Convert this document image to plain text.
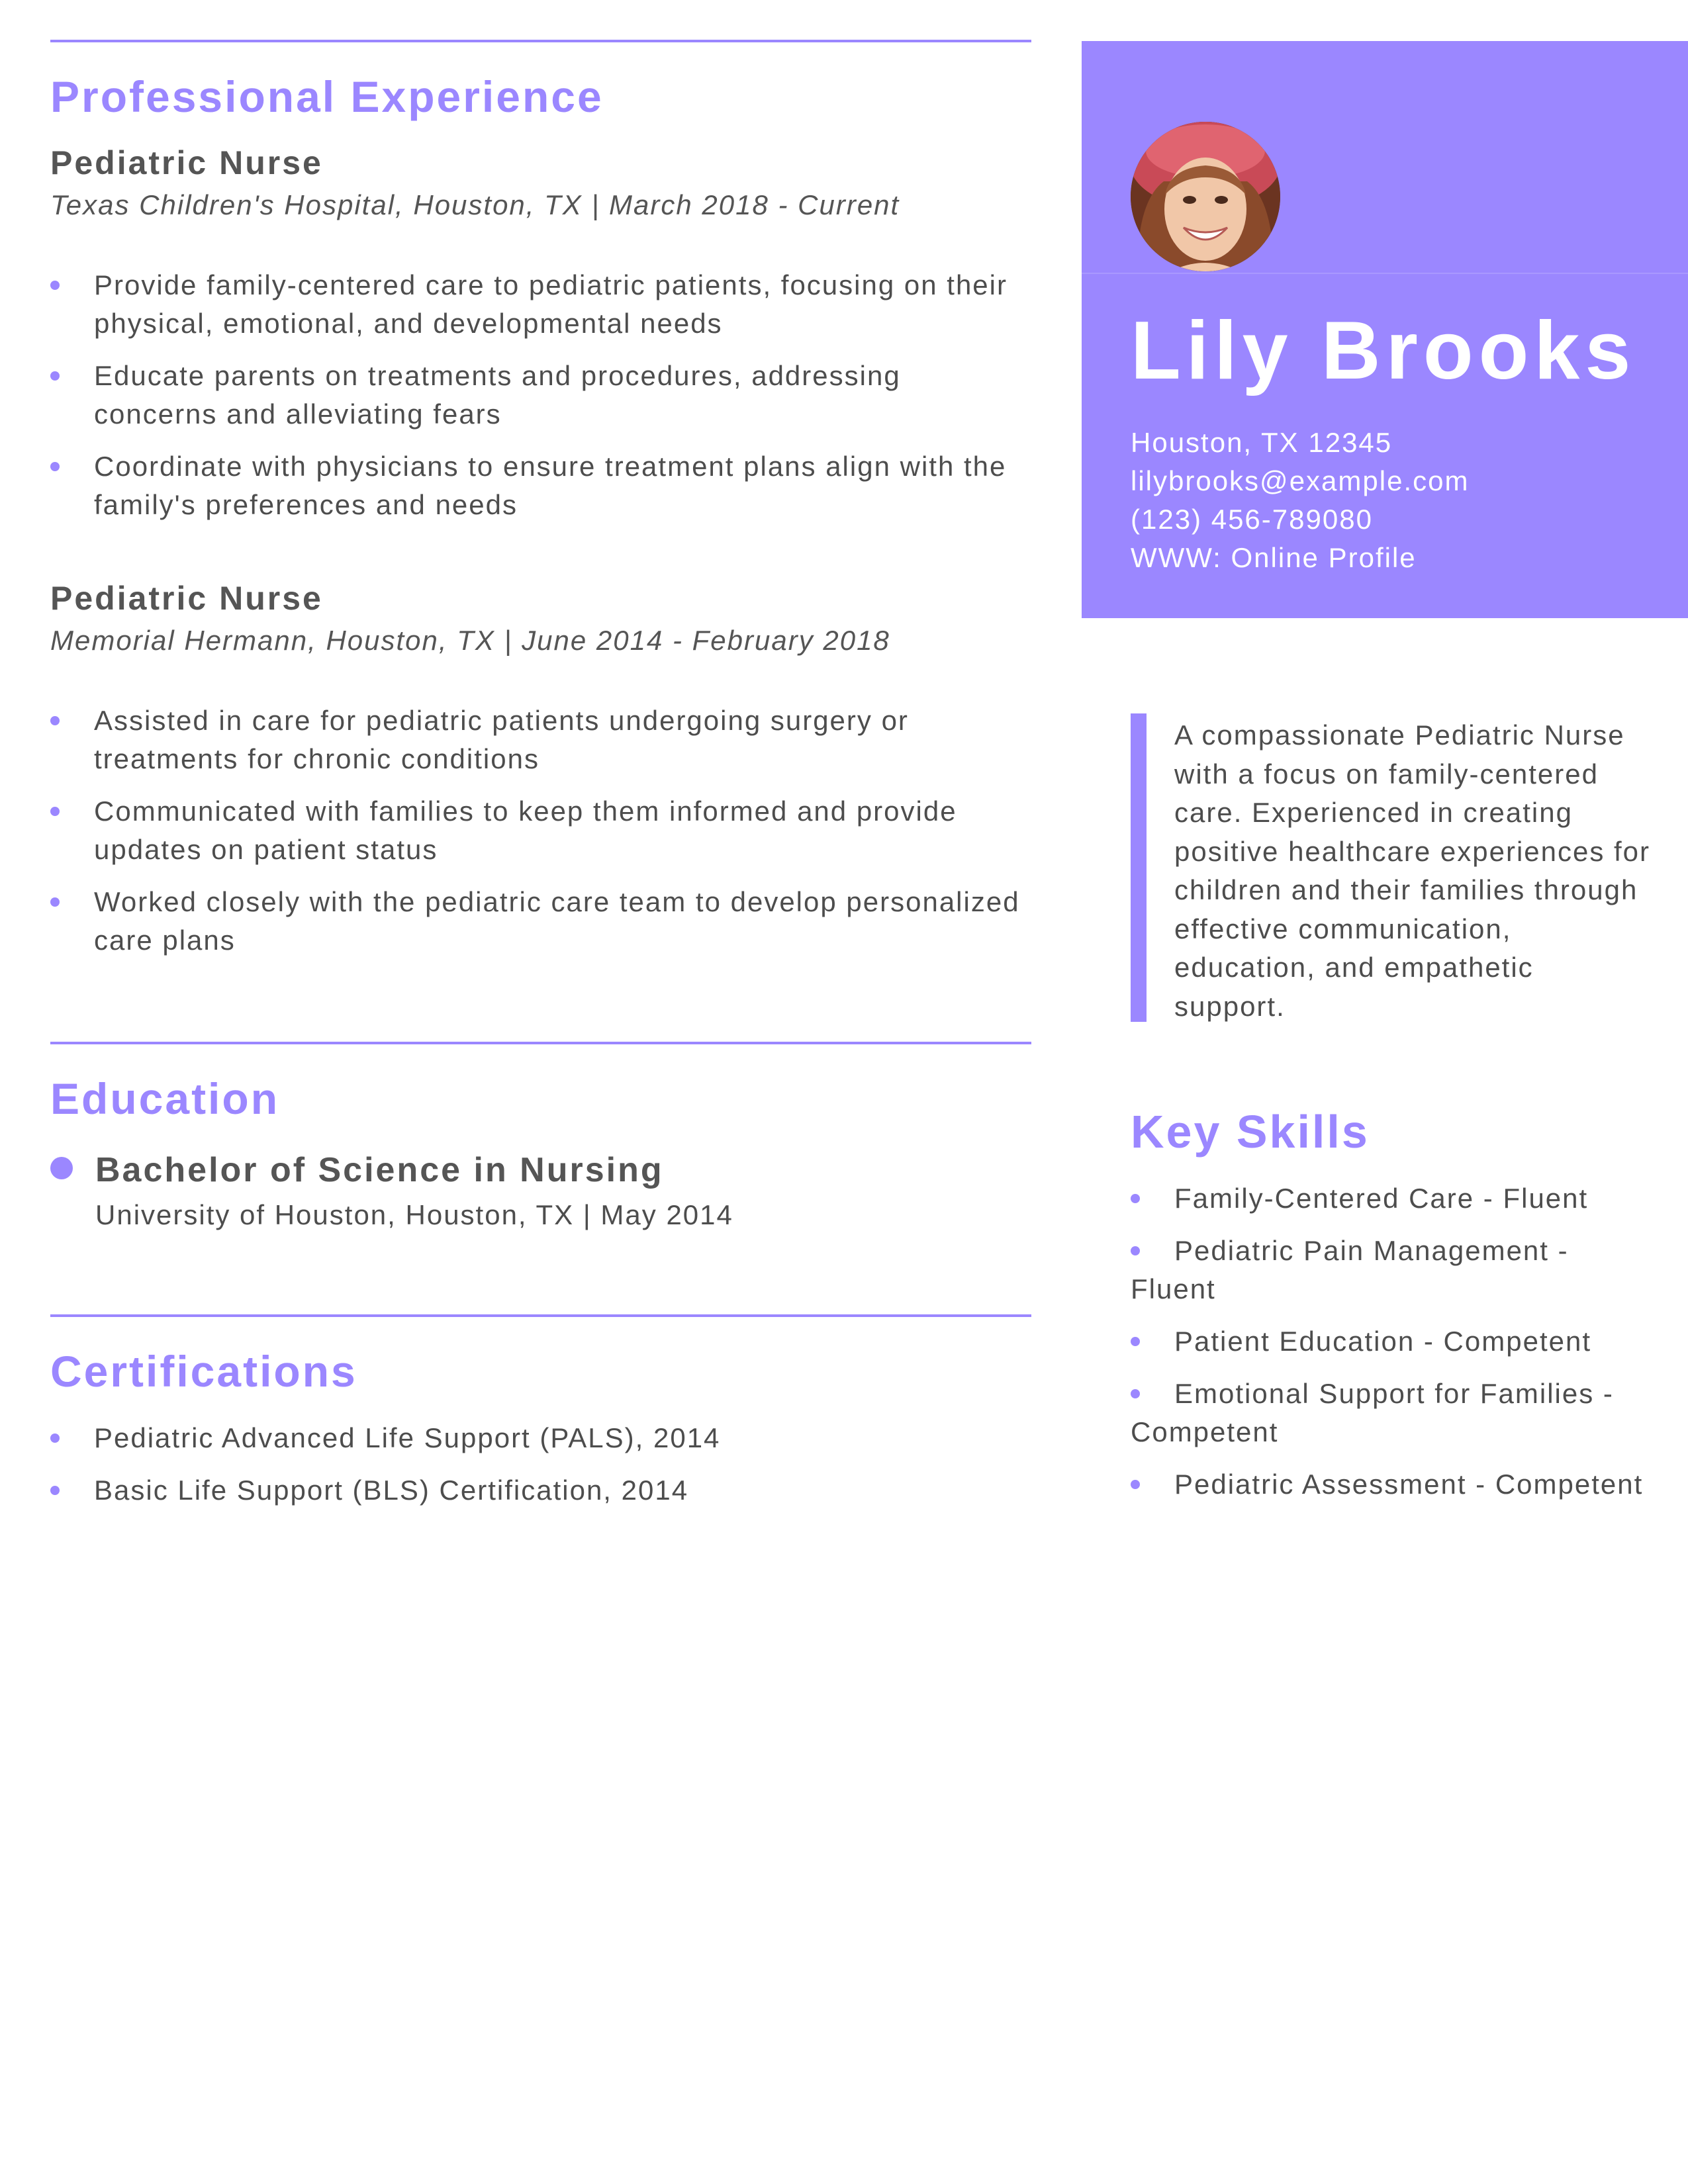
Professional Experience
Pediatric Nurse
Texas Children's Hospital, Houston, TX | March 2018 - Current
Provide family-centered care to pediatric patients, focusing on their physical, emotional, and developmental needs
Educate parents on treatments and procedures, addressing concerns and alleviating fears
Coordinate with physicians to ensure treatment plans align with the family's preferences and needs
Pediatric Nurse
Memorial Hermann, Houston, TX | June 2014 - February 2018
Assisted in care for pediatric patients undergoing surgery or treatments for chronic conditions
Communicated with families to keep them informed and provide updates on patient status
Worked closely with the pediatric care team to develop personalized care plans
Education
Bachelor of Science in Nursing
University of Houston, Houston, TX | May 2014
Certifications
Pediatric Advanced Life Support (PALS), 2014
Basic Life Support (BLS) Certification, 2014
Lily Brooks
Houston, TX 12345
lilybrooks@example.com
(123) 456-789080
WWW: Online Profile

A compassionate Pediatric Nurse with a focus on family-centered care. Experienced in creating positive healthcare experiences for children and their families through effective communication, education, and empathetic support.

Key Skills
Family-Centered Care - Fluent
Pediatric Pain Management - Fluent
Patient Education - Competent
Emotional Support for Families - Competent
Pediatric Assessment - Competent
